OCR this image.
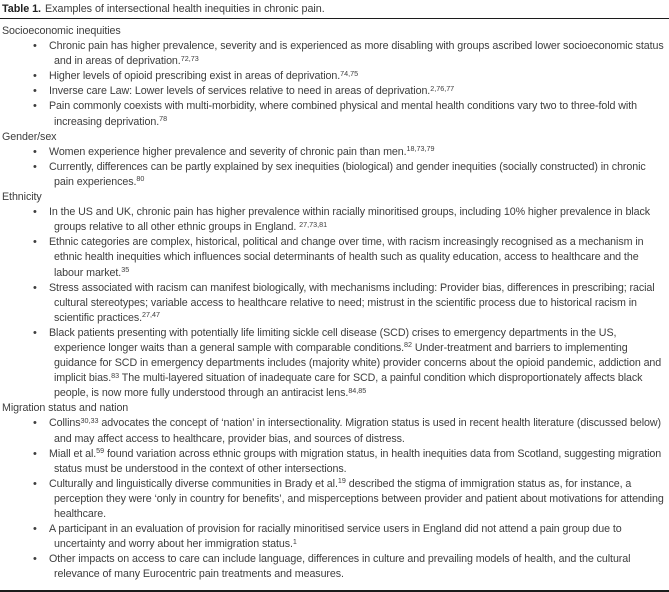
Table 1. Examples of intersectional health inequities in chronic pain.
Socioeconomic inequities
• Chronic pain has higher prevalence, severity and is experienced as more disabling with groups ascribed lower socioeconomic status and in areas of deprivation.$^{72,73}$
• Higher levels of opioid prescribing exist in areas of deprivation.$^{74,75}$
• Inverse care Law: Lower levels of services relative to need in areas of deprivation.$^{2,76,77}$
• Pain commonly coexists with multi-morbidity, where combined physical and mental health conditions vary two to three-fold with increasing deprivation.$^{78}$
Gender/sex
• Women experience higher prevalence and severity of chronic pain than men.$^{18,73,79}$
• Currently, differences can be partly explained by sex inequities (biological) and gender inequities (socially constructed) in chronic pain experiences.$^{80}$
Ethnicity
• In the US and UK, chronic pain has higher prevalence within racially minoritised groups, including 10% higher prevalence in black groups relative to all other ethnic groups in England. $^{27,73,81}$
• Ethnic categories are complex, historical, political and change over time, with racism increasingly recognised as a mechanism in ethnic health inequities which influences social determinants of health such as quality education, access to healthcare and the labour market.$^{35}$
• Stress associated with racism can manifest biologically, with mechanisms including: Provider bias, differences in prescribing; racial cultural stereotypes; variable access to healthcare relative to need; mistrust in the scientific process due to historical racism in scientific practices.$^{27,47}$
• Black patients presenting with potentially life limiting sickle cell disease (SCD) crises to emergency departments in the US, experience longer waits than a general sample with comparable conditions.$^{82}$ Under-treatment and barriers to implementing guidance for SCD in emergency departments includes (majority white) provider concerns about the opioid pandemic, addiction and implicit bias.$^{83}$ The multi-layered situation of inadequate care for SCD, a painful condition which disproportionately affects black people, is now more fully understood through an antiracist lens.$^{84,85}$
Migration status and nation
• Collins$^{30,33}$ advocates the concept of ‘nation’ in intersectionality. Migration status is used in recent health literature (discussed below) and may affect access to healthcare, provider bias, and sources of distress.
• Miall et al.$^{59}$ found variation across ethnic groups with migration status, in health inequities data from Scotland, suggesting migration status must be understood in the context of other intersections.
• Culturally and linguistically diverse communities in Brady et al.$^{19}$ described the stigma of immigration status as, for instance, a perception they were ‘only in country for benefits’, and misperceptions between provider and patient about motivations for attending healthcare.
• A participant in an evaluation of provision for racially minoritised service users in England did not attend a pain group due to uncertainty and worry about her immigration status.$^1$
• Other impacts on access to care can include language, differences in culture and prevailing models of health, and the cultural relevance of many Eurocentric pain treatments and measures.
